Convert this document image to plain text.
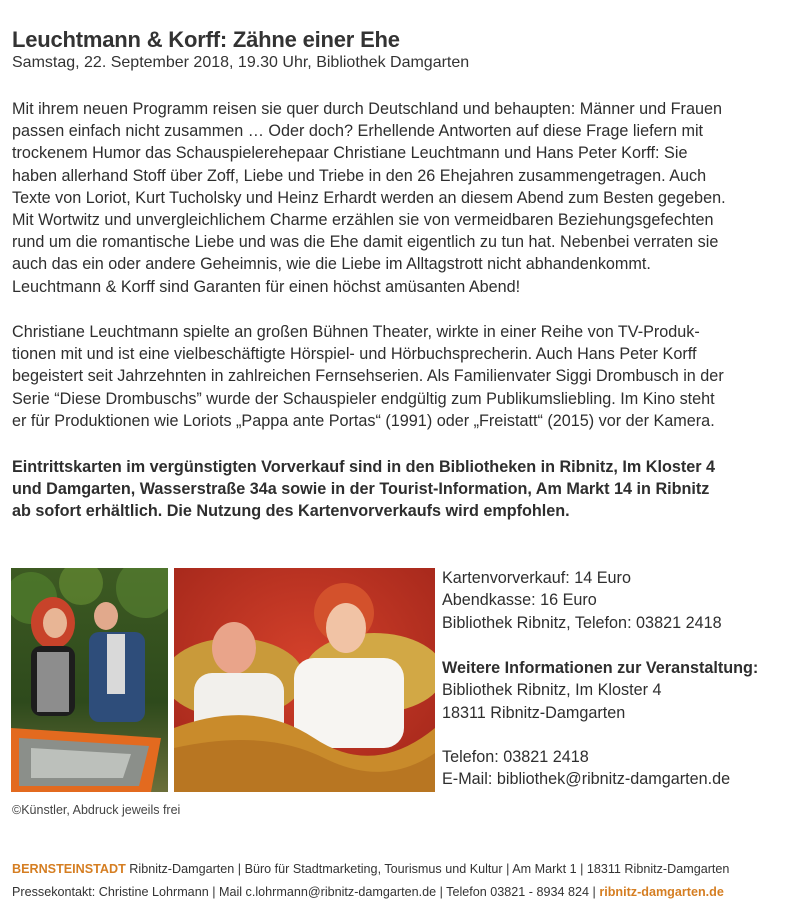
Leuchtmann & Korff: Zähne einer Ehe
Samstag, 22. September 2018, 19.30 Uhr, Bibliothek Damgarten
Mit ihrem neuen Programm reisen sie quer durch Deutschland und behaupten: Männer und Frauen
passen einfach nicht zusammen … Oder doch? Erhellende Antworten auf diese Frage liefern mit
trockenem Humor das Schauspielerehepaar Christiane Leuchtmann und Hans Peter Korff: Sie
haben allerhand Stoff über Zoff, Liebe und Triebe in den 26 Ehejahren zusammengetragen. Auch
Texte von Loriot, Kurt Tucholsky und Heinz Erhardt werden an diesem Abend zum Besten gegeben.
Mit Wortwitz und unvergleichlichem Charme erzählen sie von vermeidbaren Beziehungsgefechten
rund um die romantische Liebe und was die Ehe damit eigentlich zu tun hat. Nebenbei verraten sie
auch das ein oder andere Geheimnis, wie die Liebe im Alltagstrott nicht abhandenkommt.
Leuchtmann & Korff sind Garanten für einen höchst amüsanten Abend!
Christiane Leuchtmann spielte an großen Bühnen Theater, wirkte in einer Reihe von TV-Produk-
tionen mit und ist eine vielbeschäftigte Hörspiel- und Hörbuchsprecherin. Auch Hans Peter Korff
begeistert seit Jahrzehnten in zahlreichen Fernsehserien. Als Familienvater Siggi Drombusch in der
Serie “Diese Drombuschs” wurde der Schauspieler endgültig zum Publikumsliebling. Im Kino steht
er für Produktionen wie Loriots „Pappa ante Portas“ (1991) oder „Freistatt“ (2015) vor der Kamera.
Eintrittskarten im vergünstigten Vorverkauf sind in den Bibliotheken in Ribnitz, Im Kloster 4
und Damgarten, Wasserstraße 34a sowie in der Tourist-Information, Am Markt 14 in Ribnitz
ab sofort erhältlich. Die Nutzung des Kartenvorverkaufs wird empfohlen.
Kartenvorverkauf: 14 Euro
Abendkasse: 16 Euro
Bibliothek Ribnitz, Telefon: 03821 2418
Weitere Informationen zur Veranstaltung:
Bibliothek Ribnitz, Im Kloster 4
18311 Ribnitz-Damgarten
Telefon: 03821 2418
E-Mail: bibliothek@ribnitz-damgarten.de
©Künstler, Abdruck jeweils frei
BERNSTEINSTADT Ribnitz-Damgarten | Büro für Stadtmarketing, Tourismus und Kultur | Am Markt 1 | 18311 Ribnitz-Damgarten
Pressekontakt: Christine Lohrmann | Mail c.lohrmann@ribnitz-damgarten.de | Telefon 03821 - 8934 824 | ribnitz-damgarten.de
